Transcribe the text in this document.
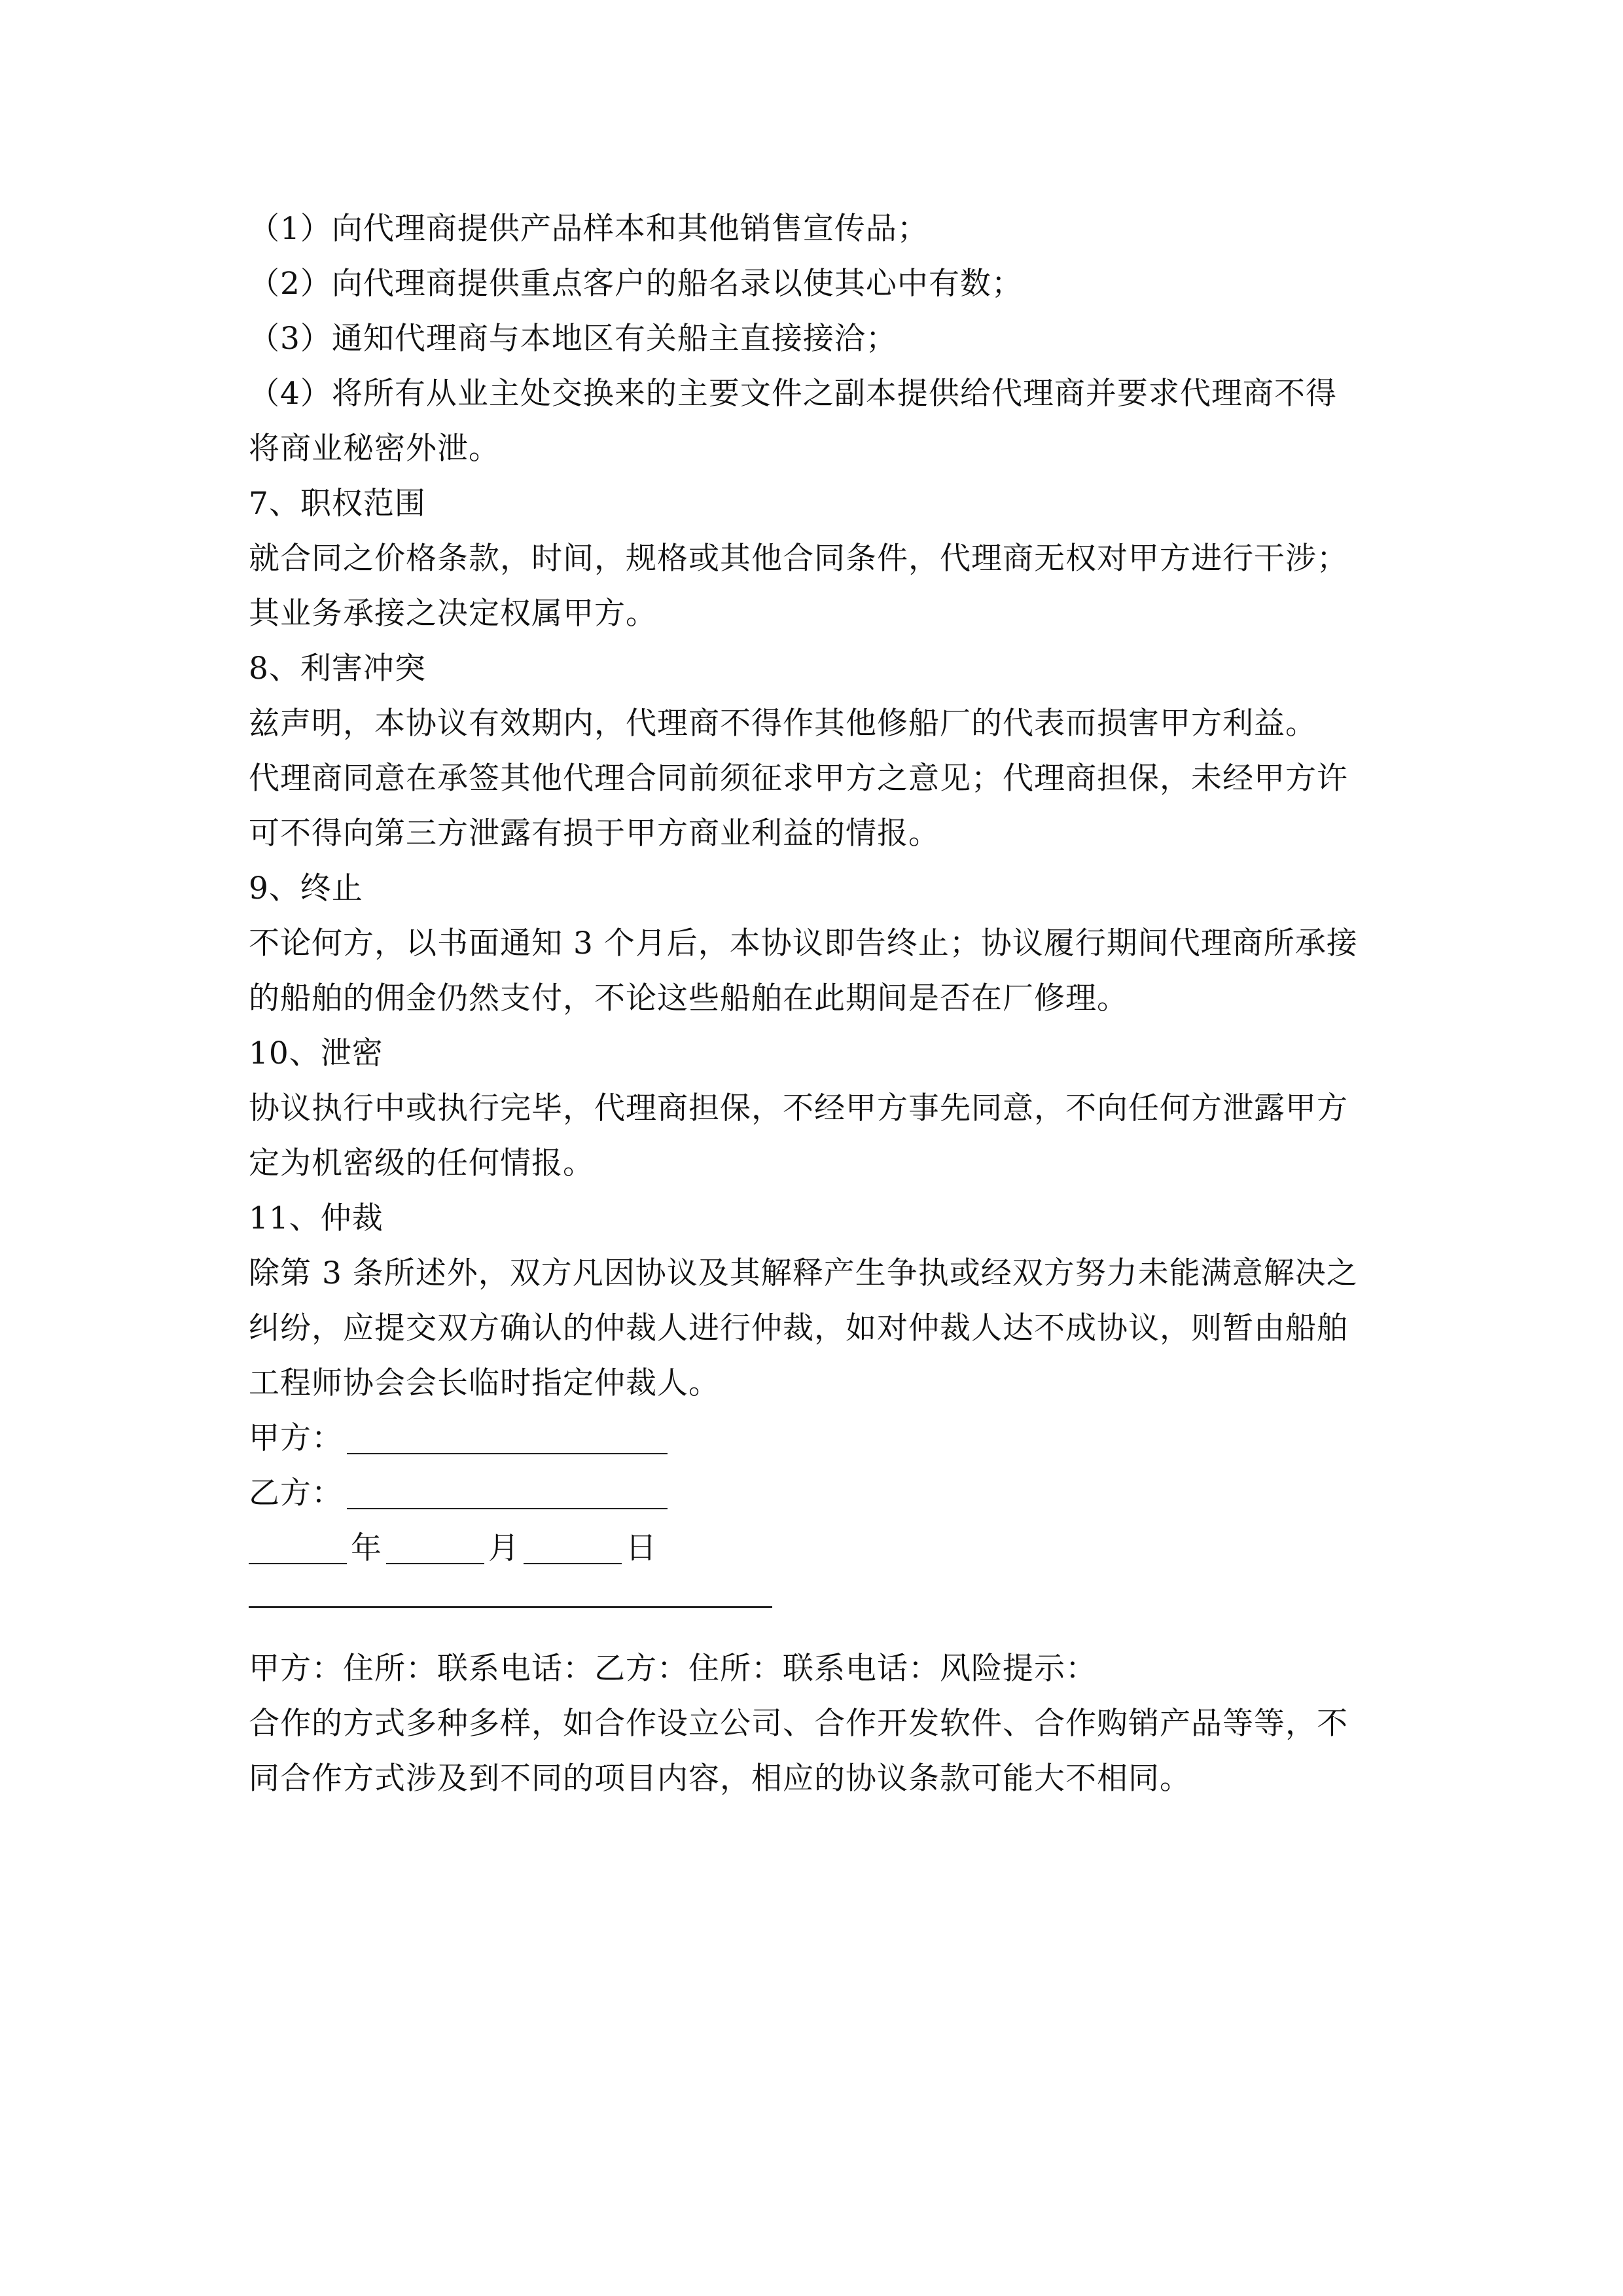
（1）向代理商提供产品样本和其他销售宣传品；
（2）向代理商提供重点客户的船名录以使其心中有数；
（3）通知代理商与本地区有关船主直接接洽；
（4）将所有从业主处交换来的主要文件之副本提供给代理商并要求代理商不得
将商业秘密外泄。
7、职权范围
就合同之价格条款，时间，规格或其他合同条件，代理商无权对甲方进行干涉；
其业务承接之决定权属甲方。
8、利害冲突
兹声明，本协议有效期内，代理商不得作其他修船厂的代表而损害甲方利益。
代理商同意在承签其他代理合同前须征求甲方之意见；代理商担保，未经甲方许
可不得向第三方泄露有损于甲方商业利益的情报。
9、终止
不论何方，以书面通知 3 个月后，本协议即告终止；协议履行期间代理商所承接
的船舶的佣金仍然支付，不论这些船舶在此期间是否在厂修理。
10、泄密
协议执行中或执行完毕，代理商担保，不经甲方事先同意，不向任何方泄露甲方
定为机密级的任何情报。
11、仲裁
除第 3 条所述外，双方凡因协议及其解释产生争执或经双方努力未能满意解决之
纠纷，应提交双方确认的仲裁人进行仲裁，如对仲裁人达不成协议，则暂由船舶
工程师协会会长临时指定仲裁人。
甲方：
乙方：
年	月	日
甲方：住所：联系电话：乙方：住所：联系电话：风险提示：
合作的方式多种多样，如合作设立公司、合作开发软件、合作购销产品等等，不
同合作方式涉及到不同的项目内容，相应的协议条款可能大不相同。
